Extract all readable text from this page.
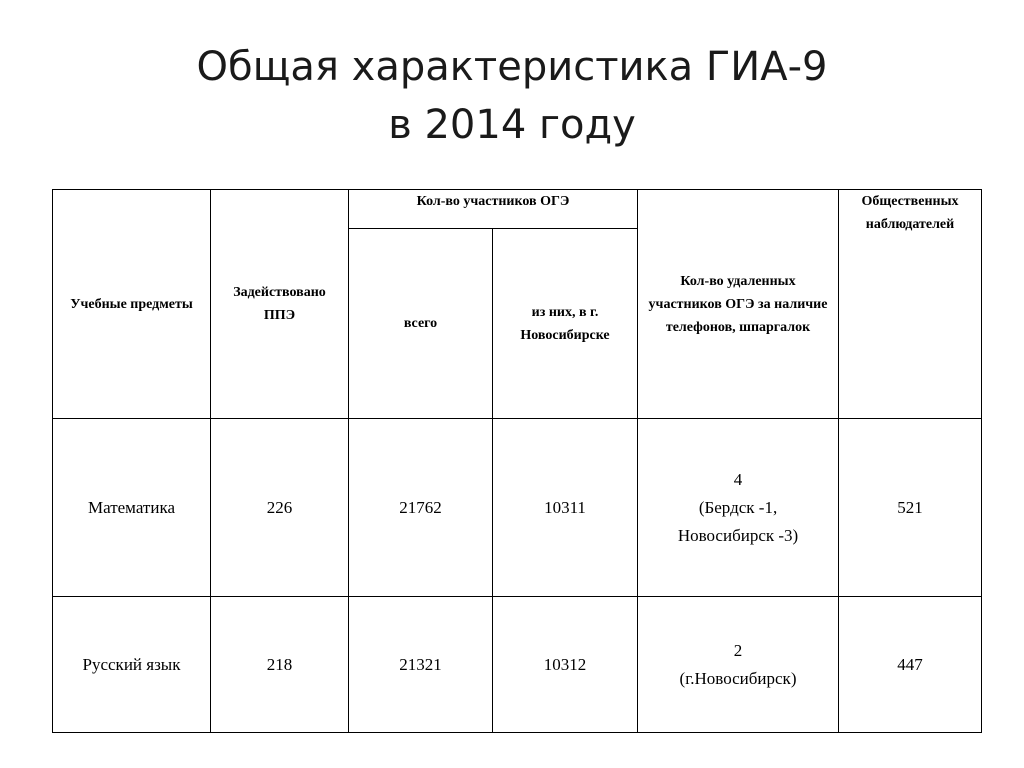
Общая характеристика ГИА-9
в 2014 году
Учебные предметы	Задействовано ППЭ	Кол-во участников ОГЭ		Кол-во удаленных участников ОГЭ за наличие телефонов, шпаргалок	Общественных наблюдателей
		всего	из них, в г. Новосибирске		
Математика	226	21762	10311	4
(Бердск -1,
Новосибирск -3)	521
Русский язык	218	21321	10312	2
(г.Новосибирск)	447
